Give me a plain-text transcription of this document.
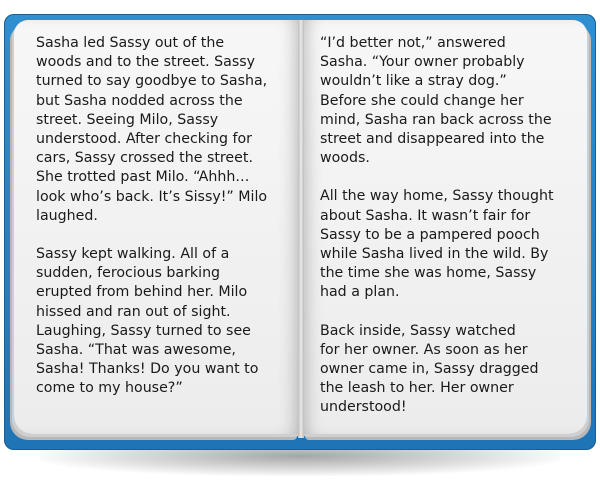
Sasha led Sassy out of the
woods and to the street. Sassy
turned to say goodbye to Sasha,
but Sasha nodded across the
street. Seeing Milo, Sassy
understood. After checking for
cars, Sassy crossed the street.
She trotted past Milo. “Ahhh…
look who’s back. It’s Sissy!” Milo
laughed.

Sassy kept walking. All of a
sudden, ferocious barking
erupted from behind her. Milo
hissed and ran out of sight.
Laughing, Sassy turned to see
Sasha. “That was awesome,
Sasha! Thanks! Do you want to
come to my house?”

“I’d better not,” answered
Sasha. “Your owner probably
wouldn’t like a stray dog.”
Before she could change her
mind, Sasha ran back across the
street and disappeared into the
woods.

All the way home, Sassy thought
about Sasha. It wasn’t fair for
Sassy to be a pampered pooch
while Sasha lived in the wild. By
the time she was home, Sassy
had a plan.

Back inside, Sassy watched
for her owner. As soon as her
owner came in, Sassy dragged
the leash to her. Her owner
understood!
